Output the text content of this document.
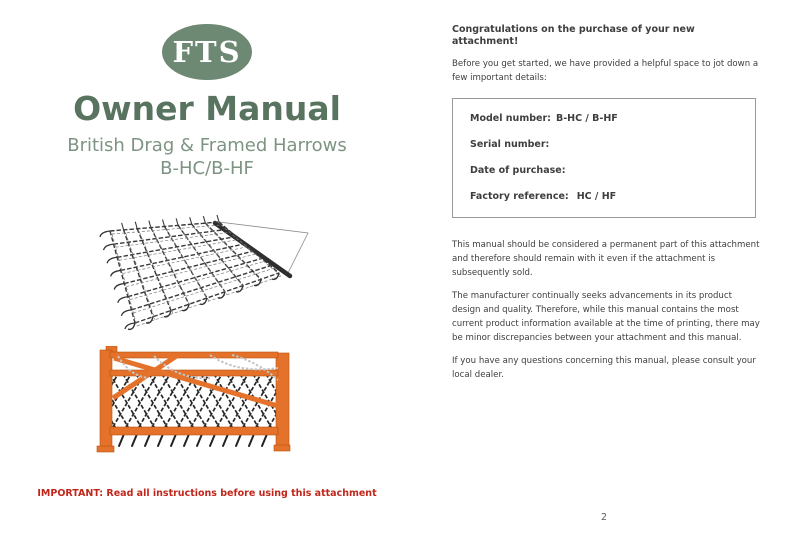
FTS
Owner Manual
British Drag & Framed Harrows
B-HC/B-HF
IMPORTANT: Read all instructions before using this attachment
Congratulations on the purchase of your new attachment!

Before you get started, we have provided a helpful space to jot down a few important details:

Model number: B-HC / B-HF
Serial number:
Date of purchase:
Factory reference: HC / HF

This manual should be considered a permanent part of this attachment and therefore should remain with it even if the attachment is subsequently sold.

The manufacturer continually seeks advancements in its product design and quality. Therefore, while this manual contains the most current product information available at the time of printing, there may be minor discrepancies between your attachment and this manual.

If you have any questions concerning this manual, please consult your local dealer.

2
